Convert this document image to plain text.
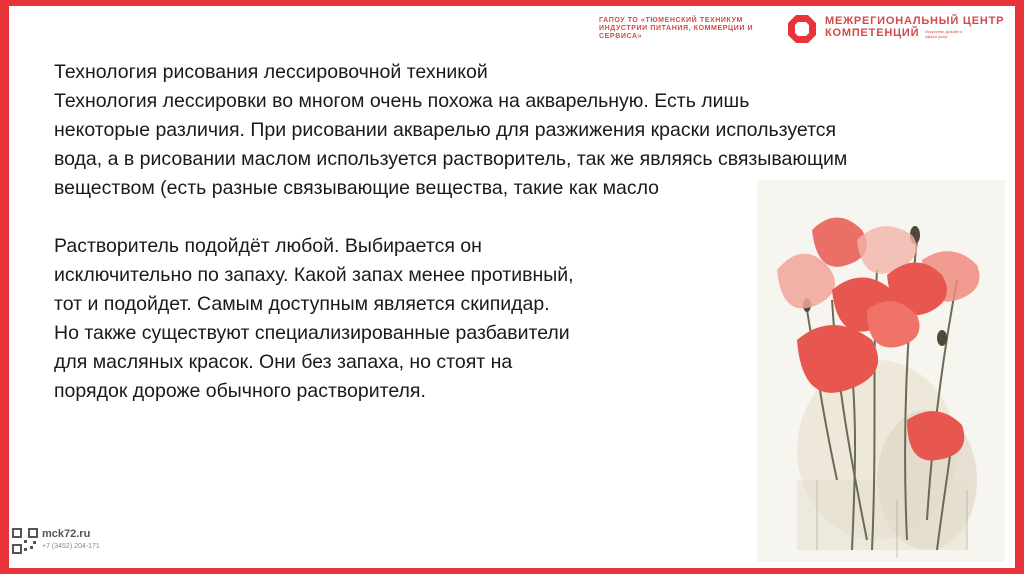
ГАПОУ ТО «ТЮМЕНСКИЙ ТЕХНИКУМ ИНДУСТРИИ ПИТАНИЯ, КОММЕРЦИИ И СЕРВИСА»
МЕЖРЕГИОНАЛЬНЫЙ ЦЕНТР КОМПЕТЕНЦИЙ	Искусство, дизайн и сфера услуг

Технология рисования лессировочной техникой

Технология лессировки во многом очень похожа на акварельную. Есть лишь

некоторые различия. При рисовании акварелью для разжижения краски используется

вода, а в рисовании маслом используется растворитель, так же являясь связывающим

веществом (есть разные связывающие вещества, такие как масло

Растворитель подойдёт любой. Выбирается он

исключительно по запаху. Какой запах менее противный,

тот и подойдет. Самым доступным является скипидар.

Но также существуют специализированные разбавители

для масляных красок. Они без запаха, но стоят на

порядок дороже обычного растворителя.

mck72.ru
+7 (3452) 204-171
